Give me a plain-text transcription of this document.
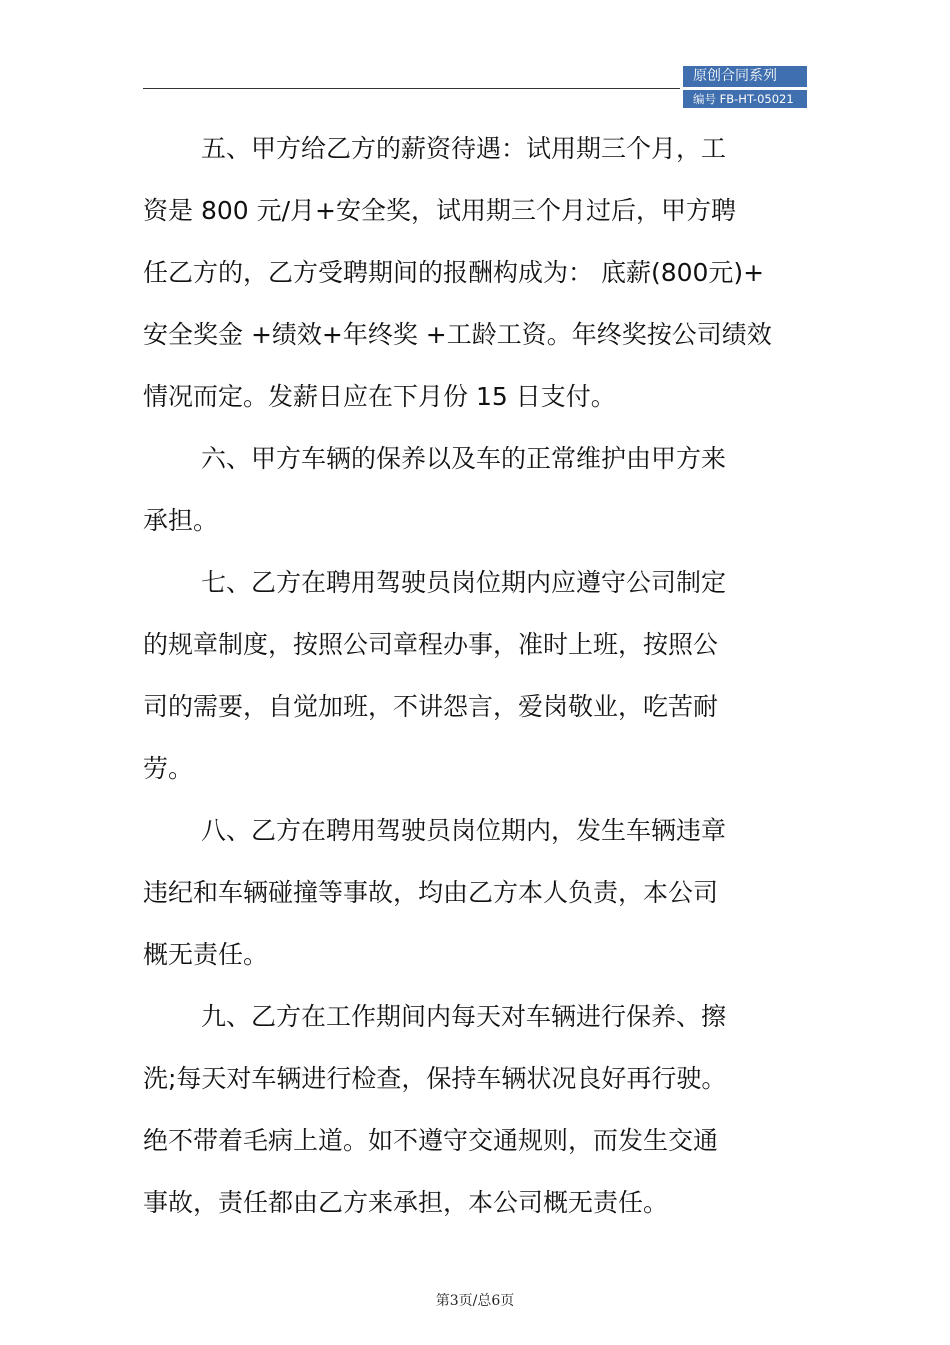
原创合同系列
编号 FB-HT-05021
五、甲方给乙方的薪资待遇：试用期三个月，工
资是 800 元/月+安全奖，试用期三个月过后，甲方聘
任乙方的，乙方受聘期间的报酬构成为： 底薪(800元)+
安全奖金 +绩效+年终奖 +工龄工资。年终奖按公司绩效
情况而定。发薪日应在下月份 15 日支付。
六、甲方车辆的保养以及车的正常维护由甲方来
承担。
七、乙方在聘用驾驶员岗位期内应遵守公司制定
的规章制度，按照公司章程办事，准时上班，按照公
司的需要，自觉加班，不讲怨言，爱岗敬业，吃苦耐
劳。
八、乙方在聘用驾驶员岗位期内，发生车辆违章
违纪和车辆碰撞等事故，均由乙方本人负责，本公司
概无责任。
九、乙方在工作期间内每天对车辆进行保养、擦
洗;每天对车辆进行检查，保持车辆状况良好再行驶。
绝不带着毛病上道。如不遵守交通规则，而发生交通
事故，责任都由乙方来承担，本公司概无责任。
第3页/总6页
